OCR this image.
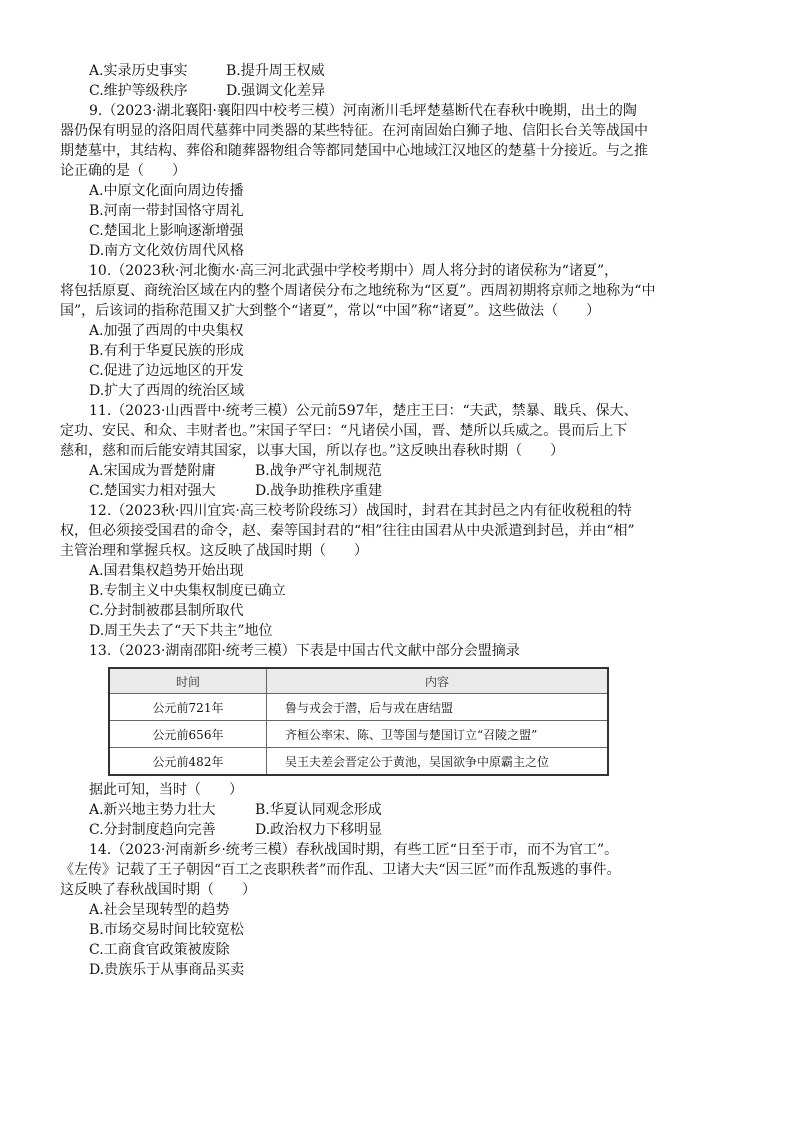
A.实录历史事实	B.提升周王权威
C.维护等级秩序	D.强调文化差异
9.（2023·湖北襄阳·襄阳四中校考三模）河南淅川毛坪楚墓断代在春秋中晚期，出土的陶
器仍保有明显的洛阳周代墓葬中同类器的某些特征。在河南固始白狮子地、信阳长台关等战国中
期楚墓中，其结构、葬俗和随葬器物组合等都同楚国中心地域江汉地区的楚墓十分接近。与之推
论正确的是（　　）
A.中原文化面向周边传播
B.河南一带封国恪守周礼
C.楚国北上影响逐渐增强
D.南方文化效仿周代风格
10.（2023秋·河北衡水·高三河北武强中学校考期中）周人将分封的诸侯称为“诸夏”，
将包括原夏、商统治区域在内的整个周诸侯分布之地统称为“区夏”。西周初期将京师之地称为“中
国”，后该词的指称范围又扩大到整个“诸夏”，常以“中国”称“诸夏”。这些做法（　　）
A.加强了西周的中央集权
B.有利于华夏民族的形成
C.促进了边远地区的开发
D.扩大了西周的统治区域
11.（2023·山西晋中·统考三模）公元前597年，楚庄王曰：“夫武，禁暴、戢兵、保大、
定功、安民、和众、丰财者也。”宋国子罕曰：“凡诸侯小国，晋、楚所以兵威之。畏而后上下
慈和，慈和而后能安靖其国家，以事大国，所以存也。”这反映出春秋时期（　　）
A.宋国成为晋楚附庸	B.战争严守礼制规范
C.楚国实力相对强大	D.战争助推秩序重建
12.（2023秋·四川宜宾·高三校考阶段练习）战国时，封君在其封邑之内有征收税租的特
权，但必须接受国君的命令，赵、秦等国封君的“相”往往由国君从中央派遣到封邑，并由“相”
主管治理和掌握兵权。这反映了战国时期（　　）
A.国君集权趋势开始出现
B.专制主义中央集权制度已确立
C.分封制被郡县制所取代
D.周王失去了“天下共主”地位
13.（2023·湖南邵阳·统考三模）下表是中国古代文献中部分会盟摘录
时间	内容
公元前721年	鲁与戎会于潜，后与戎在唐结盟
公元前656年	齐桓公率宋、陈、卫等国与楚国订立“召陵之盟”
公元前482年	吴王夫差会晋定公于黄池，吴国欲争中原霸主之位
据此可知，当时（　　）
A.新兴地主势力壮大	B.华夏认同观念形成
C.分封制度趋向完善	D.政治权力下移明显
14.（2023·河南新乡·统考三模）春秋战国时期，有些工匠“日至于市，而不为官工”。
《左传》记载了王子朝因“百工之丧职秩者”而作乱、卫诸大夫“因三匠”而作乱叛逃的事件。
这反映了春秋战国时期（　　）
A.社会呈现转型的趋势
B.市场交易时间比较宽松
C.工商食官政策被废除
D.贵族乐于从事商品买卖
